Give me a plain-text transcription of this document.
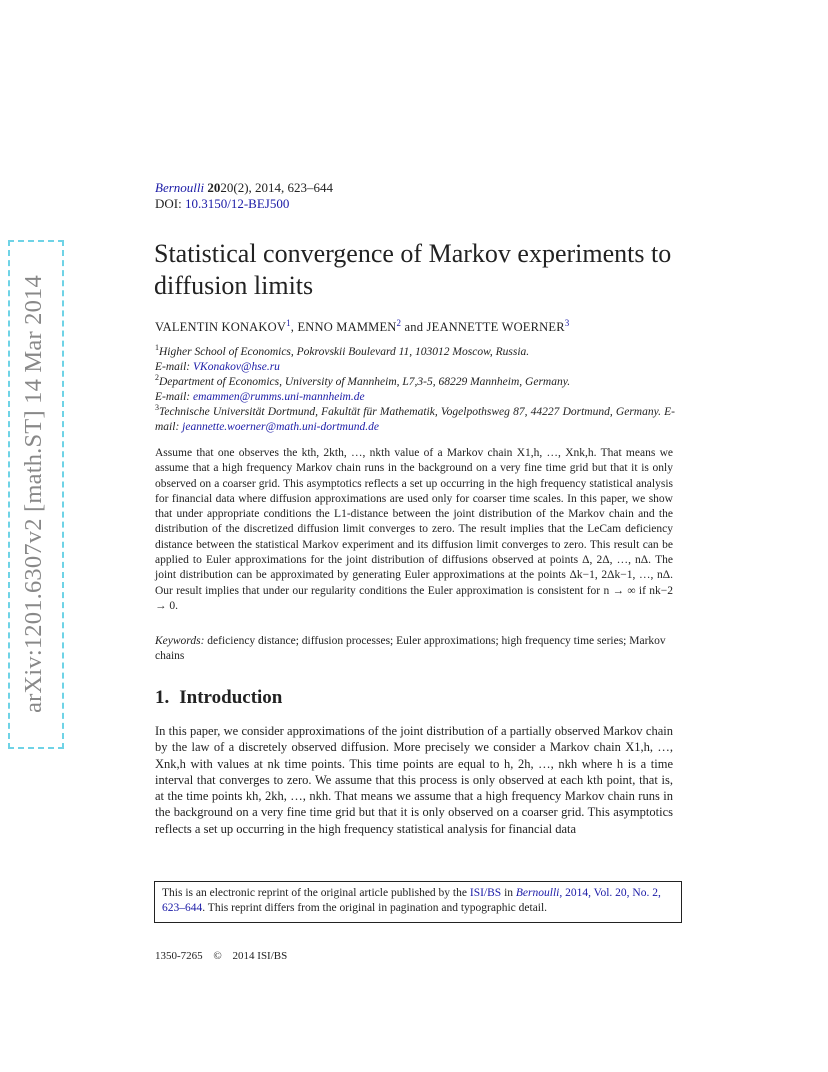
arXiv:1201.6307v2 [math.ST] 14 Mar 2014
Bernoulli 2020(2), 2014, 623–644
DOI: 10.3150/12-BEJ500
Statistical convergence of Markov experiments to diffusion limits
VALENTIN KONAKOV$^1$, ENNO MAMMEN$^2$ and JEANNETTE WOERNER$^3$
$^1$Higher School of Economics, Pokrovskii Boulevard 11, 103012 Moscow, Russia.
E-mail: VKonakov@hse.ru
$^2$Department of Economics, University of Mannheim, L7,3-5, 68229 Mannheim, Germany.
E-mail: emammen@rumms.uni-mannheim.de
$^3$Technische Universität Dortmund, Fakultät für Mathematik, Vogelpothsweg 87, 44227 Dortmund, Germany. E-mail: jeannette.woerner@math.uni-dortmund.de
Assume that one observes the kth, 2kth, …, nkth value of a Markov chain X1,h, …, Xnk,h. That means we assume that a high frequency Markov chain runs in the background on a very fine time grid but that it is only observed on a coarser grid. This asymptotics reflects a set up occurring in the high frequency statistical analysis for financial data where diffusion approximations are used only for coarser time scales. In this paper, we show that under appropriate conditions the L1-distance between the joint distribution of the Markov chain and the distribution of the discretized diffusion limit converges to zero. The result implies that the LeCam deficiency distance between the statistical Markov experiment and its diffusion limit converges to zero. This result can be applied to Euler approximations for the joint distribution of diffusions observed at points Δ, 2Δ, …, nΔ. The joint distribution can be approximated by generating Euler approximations at the points Δk−1, 2Δk−1, …, nΔ. Our result implies that under our regularity conditions the Euler approximation is consistent for n → ∞ if nk−2 → 0.
Keywords: deficiency distance; diffusion processes; Euler approximations; high frequency time series; Markov chains
1. Introduction
In this paper, we consider approximations of the joint distribution of a partially observed Markov chain by the law of a discretely observed diffusion. More precisely we consider a Markov chain X1,h, …, Xnk,h with values at nk time points. This time points are equal to h, 2h, …, nkh where h is a time interval that converges to zero. We assume that this process is only observed at each kth point, that is, at the time points kh, 2kh, …, nkh. That means we assume that a high frequency Markov chain runs in the background on a very fine time grid but that it is only observed on a coarser grid. This asymptotics reflects a set up occurring in the high frequency statistical analysis for financial data
This is an electronic reprint of the original article published by the ISI/BS in Bernoulli, 2014, Vol. 20, No. 2, 623–644. This reprint differs from the original in pagination and typographic detail.
1350-7265 © 2014 ISI/BS
